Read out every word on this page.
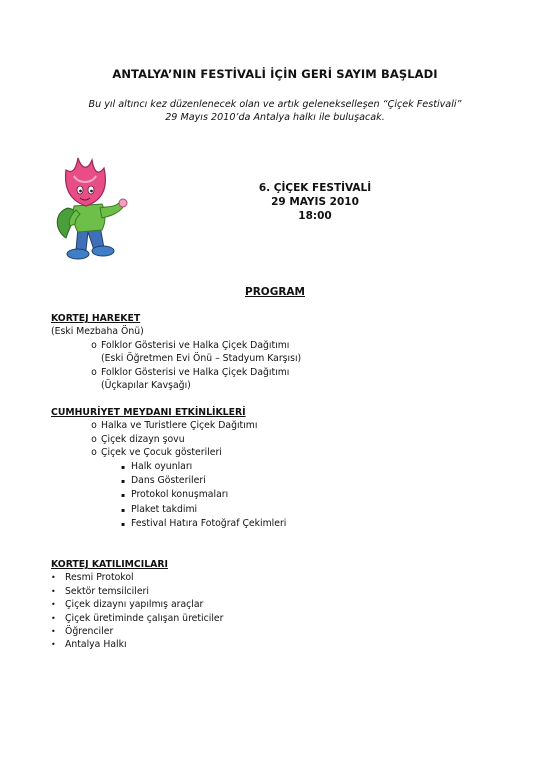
ANTALYA’NIN FESTİVALİ İÇİN GERİ SAYIM BAŞLADI
Bu yıl altıncı kez düzenlenecek olan ve artık gelenekselleşen “Çiçek Festivali”
29 Mayıs 2010’da Antalya halkı ile buluşacak.
6. ÇİÇEK FESTİVALİ
29 MAYIS 2010
18:00
PROGRAM
KORTEJ HAREKET
(Eski Mezbaha Önü)
o Folklor Gösterisi ve Halka Çiçek Dağıtımı
(Eski Öğretmen Evi Önü – Stadyum Karşısı)
o Folklor Gösterisi ve Halka Çiçek Dağıtımı
(Üçkapılar Kavşağı)
CUMHURİYET MEYDANI ETKİNLİKLERİ
o Halka ve Turistlere Çiçek Dağıtımı
o Çiçek dizayn şovu
o Çiçek ve Çocuk gösterileri
▪ Halk oyunları
▪ Dans Gösterileri
▪ Protokol konuşmaları
▪ Plaket takdimi
▪ Festival Hatıra Fotoğraf Çekimleri
KORTEJ KATILIMCILARI
• Resmi Protokol
• Sektör temsilcileri
• Çiçek dizaynı yapılmış araçlar
• Çiçek üretiminde çalışan üreticiler
• Öğrenciler
• Antalya Halkı
